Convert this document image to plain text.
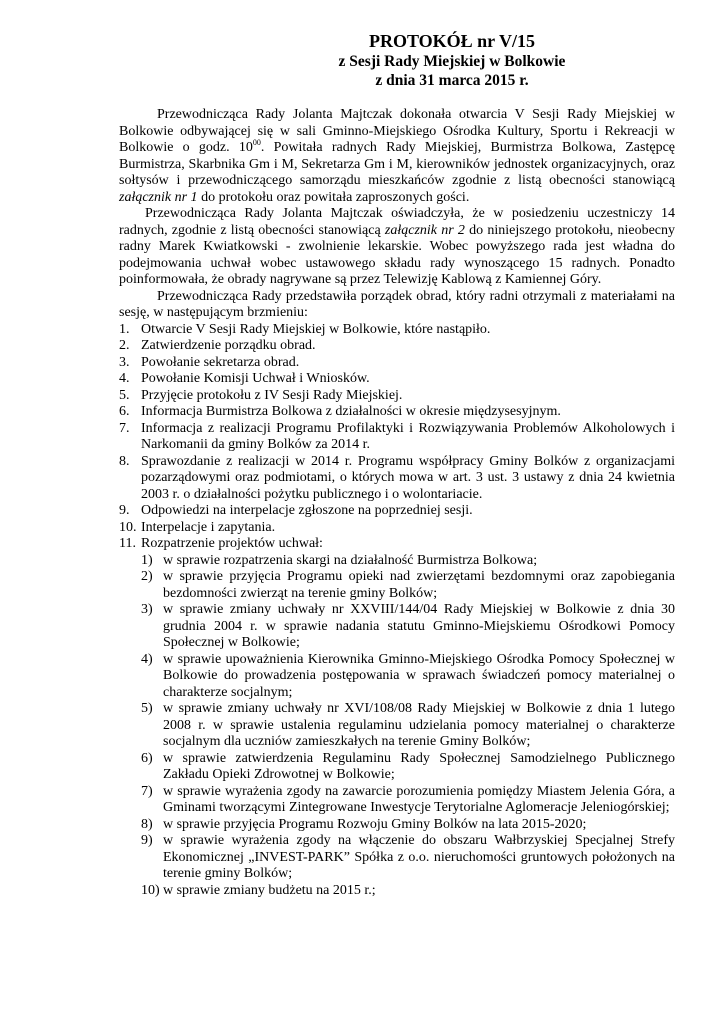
PROTOKÓŁ nr V/15
z Sesji Rady Miejskiej w Bolkowie
z dnia 31 marca 2015 r.

Przewodnicząca Rady Jolanta Majtczak dokonała otwarcia V Sesji Rady Miejskiej w Bolkowie odbywającej się w sali Gminno-Miejskiego Ośrodka Kultury, Sportu i Rekreacji w Bolkowie o godz. $10^{00}$. Powitała radnych Rady Miejskiej, Burmistrza Bolkowa, Zastępcę Burmistrza, Skarbnika Gm i M, Sekretarza Gm i M, kierowników jednostek organizacyjnych, oraz sołtysów i przewodniczącego samorządu mieszkańców zgodnie z listą obecności stanowiącą załącznik nr 1 do protokołu oraz powitała zaproszonych gości.

Przewodnicząca Rady Jolanta Majtczak oświadczyła, że w posiedzeniu uczestniczy 14 radnych, zgodnie z listą obecności stanowiącą załącznik nr 2 do niniejszego protokołu, nieobecny radny Marek Kwiatkowski - zwolnienie lekarskie. Wobec powyższego rada jest władna do podejmowania uchwał wobec ustawowego składu rady wynoszącego 15 radnych. Ponadto poinformowała, że obrady nagrywane są przez Telewizję Kablową z Kamiennej Góry.

Przewodnicząca Rady przedstawiła porządek obrad, który radni otrzymali z materiałami na sesję, w następującym brzmieniu:

1. Otwarcie V Sesji Rady Miejskiej w Bolkowie, które nastąpiło.
2. Zatwierdzenie porządku obrad.
3. Powołanie sekretarza obrad.
4. Powołanie Komisji Uchwał i Wniosków.
5. Przyjęcie protokołu z IV Sesji Rady Miejskiej.
6. Informacja Burmistrza Bolkowa z działalności w okresie międzysesyjnym.
7. Informacja z realizacji Programu Profilaktyki i Rozwiązywania Problemów Alkoholowych i Narkomanii da gminy Bolków za 2014 r.
8. Sprawozdanie z realizacji w 2014 r. Programu współpracy Gminy Bolków z organizacjami pozarządowymi oraz podmiotami, o których mowa w art. 3 ust. 3 ustawy z dnia 24 kwietnia 2003 r. o działalności pożytku publicznego i o wolontariacie.
9. Odpowiedzi na interpelacje zgłoszone na poprzedniej sesji.
10. Interpelacje i zapytania.
11. Rozpatrzenie projektów uchwał:
1) w sprawie rozpatrzenia skargi na działalność Burmistrza Bolkowa;
2) w sprawie przyjęcia Programu opieki nad zwierzętami bezdomnymi oraz zapobiegania bezdomności zwierząt na terenie gminy Bolków;
3) w sprawie zmiany uchwały nr XXVIII/144/04 Rady Miejskiej w Bolkowie z dnia 30 grudnia 2004 r. w sprawie nadania statutu Gminno-Miejskiemu Ośrodkowi Pomocy Społecznej w Bolkowie;
4) w sprawie upoważnienia Kierownika Gminno-Miejskiego Ośrodka Pomocy Społecznej w Bolkowie do prowadzenia postępowania w sprawach świadczeń pomocy materialnej o charakterze socjalnym;
5) w sprawie zmiany uchwały nr XVI/108/08 Rady Miejskiej w Bolkowie z dnia 1 lutego 2008 r. w sprawie ustalenia regulaminu udzielania pomocy materialnej o charakterze socjalnym dla uczniów zamieszkałych na terenie Gminy Bolków;
6) w sprawie zatwierdzenia Regulaminu Rady Społecznej Samodzielnego Publicznego Zakładu Opieki Zdrowotnej w Bolkowie;
7) w sprawie wyrażenia zgody na zawarcie porozumienia pomiędzy Miastem Jelenia Góra, a Gminami tworzącymi Zintegrowane Inwestycje Terytorialne Aglomeracje Jeleniogórskiej;
8) w sprawie przyjęcia Programu Rozwoju Gminy Bolków na lata 2015-2020;
9) w sprawie wyrażenia zgody na włączenie do obszaru Wałbrzyskiej Specjalnej Strefy Ekonomicznej „INVEST-PARK” Spółka z o.o. nieruchomości gruntowych położonych na terenie gminy Bolków;
10) w sprawie zmiany budżetu na 2015 r.;
